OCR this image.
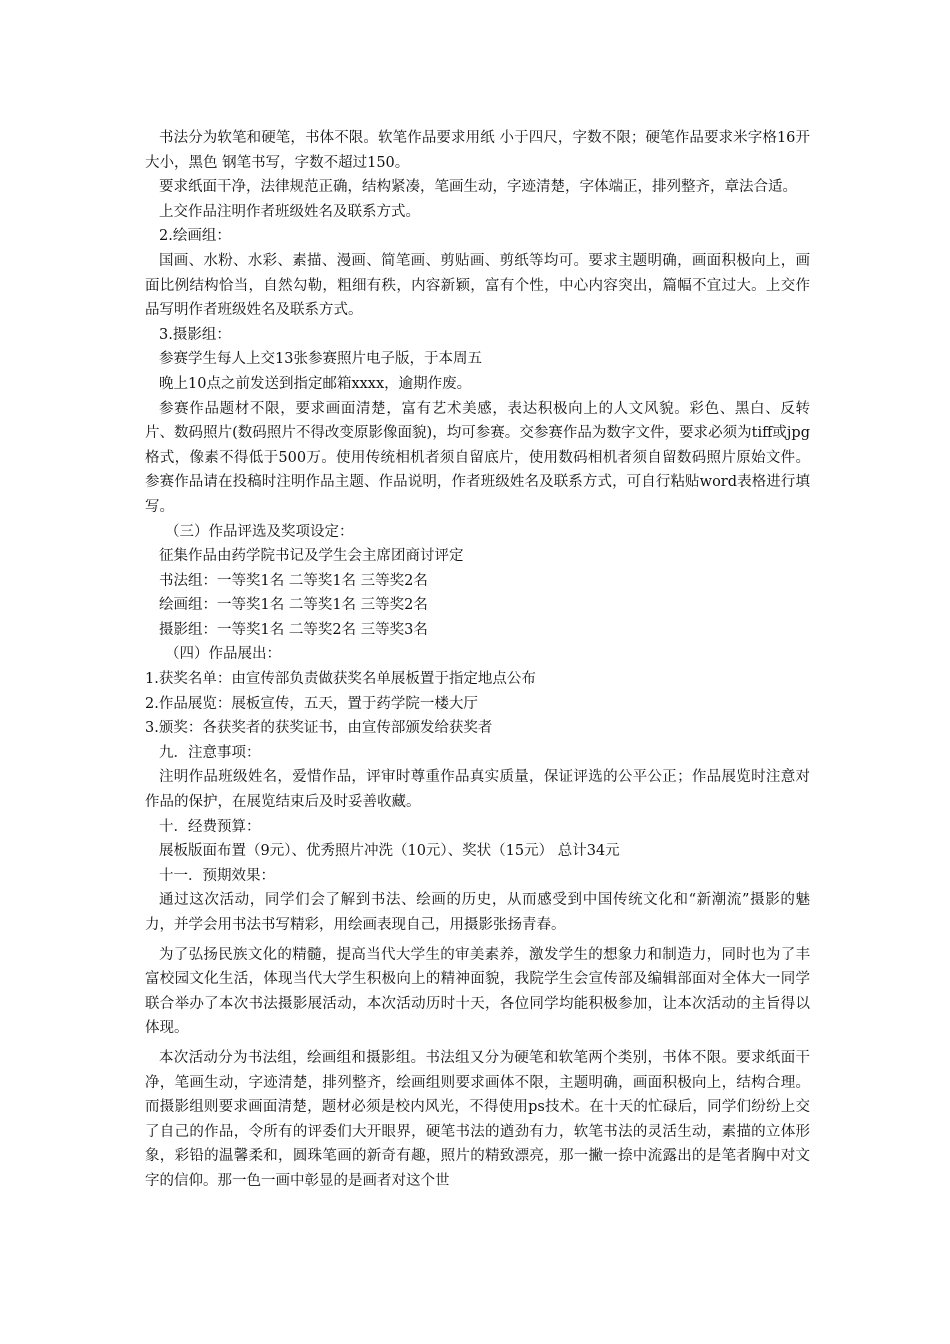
书法分为软笔和硬笔，书体不限。软笔作品要求用纸 小于四尺，字数不限；硬笔作品要求米字格16开大小，黑色 钢笔书写，字数不超过150。

要求纸面干净，法律规范正确，结构紧凑，笔画生动，字迹清楚，字体端正，排列整齐，章法合适。

上交作品注明作者班级姓名及联系方式。

2.绘画组：

国画、水粉、水彩、素描、漫画、简笔画、剪贴画、剪纸等均可。要求主题明确，画面积极向上，画面比例结构恰当，自然勾勒，粗细有秩，内容新颖，富有个性，中心内容突出，篇幅不宜过大。上交作品写明作者班级姓名及联系方式。

3.摄影组：

参赛学生每人上交13张参赛照片电子版，于本周五

晚上10点之前发送到指定邮箱xxxx，逾期作废。

参赛作品题材不限，要求画面清楚，富有艺术美感，表达积极向上的人文风貌。彩色、黑白、反转片、数码照片(数码照片不得改变原影像面貌)，均可参赛。交参赛作品为数字文件，要求必须为tiff或jpg格式，像素不得低于500万。使用传统相机者须自留底片，使用数码相机者须自留数码照片原始文件。参赛作品请在投稿时注明作品主题、作品说明，作者班级姓名及联系方式，可自行粘贴word表格进行填写。

（三）作品评选及奖项设定：

征集作品由药学院书记及学生会主席团商讨评定

书法组：一等奖1名 二等奖1名 三等奖2名

绘画组：一等奖1名 二等奖1名 三等奖2名

摄影组：一等奖1名 二等奖2名 三等奖3名

（四）作品展出：

1.获奖名单：由宣传部负责做获奖名单展板置于指定地点公布

2.作品展览：展板宣传，五天，置于药学院一楼大厅

3.颁奖：各获奖者的获奖证书，由宣传部颁发给获奖者

九．注意事项：

注明作品班级姓名，爱惜作品，评审时尊重作品真实质量，保证评选的公平公正；作品展览时注意对作品的保护，在展览结束后及时妥善收藏。

十．经费预算：

展板版面布置（9元）、优秀照片冲洗（10元）、奖状（15元） 总计34元

十一．预期效果：

通过这次活动，同学们会了解到书法、绘画的历史，从而感受到中国传统文化和“新潮流”摄影的魅力，并学会用书法书写精彩，用绘画表现自己，用摄影张扬青春。

为了弘扬民族文化的精髓，提高当代大学生的审美素养，激发学生的想象力和制造力，同时也为了丰富校园文化生活，体现当代大学生积极向上的精神面貌，我院学生会宣传部及编辑部面对全体大一同学联合举办了本次书法摄影展活动，本次活动历时十天，各位同学均能积极参加，让本次活动的主旨得以体现。

本次活动分为书法组，绘画组和摄影组。书法组又分为硬笔和软笔两个类别，书体不限。要求纸面干净，笔画生动，字迹清楚，排列整齐，绘画组则要求画体不限，主题明确，画面积极向上，结构合理。而摄影组则要求画面清楚，题材必须是校内风光，不得使用ps技术。在十天的忙碌后，同学们纷纷上交了自己的作品，令所有的评委们大开眼界，硬笔书法的遒劲有力，软笔书法的灵活生动，素描的立体形象，彩铅的温馨柔和，圆珠笔画的新奇有趣，照片的精致漂亮，那一撇一捺中流露出的是笔者胸中对文字的信仰。那一色一画中彰显的是画者对这个世
